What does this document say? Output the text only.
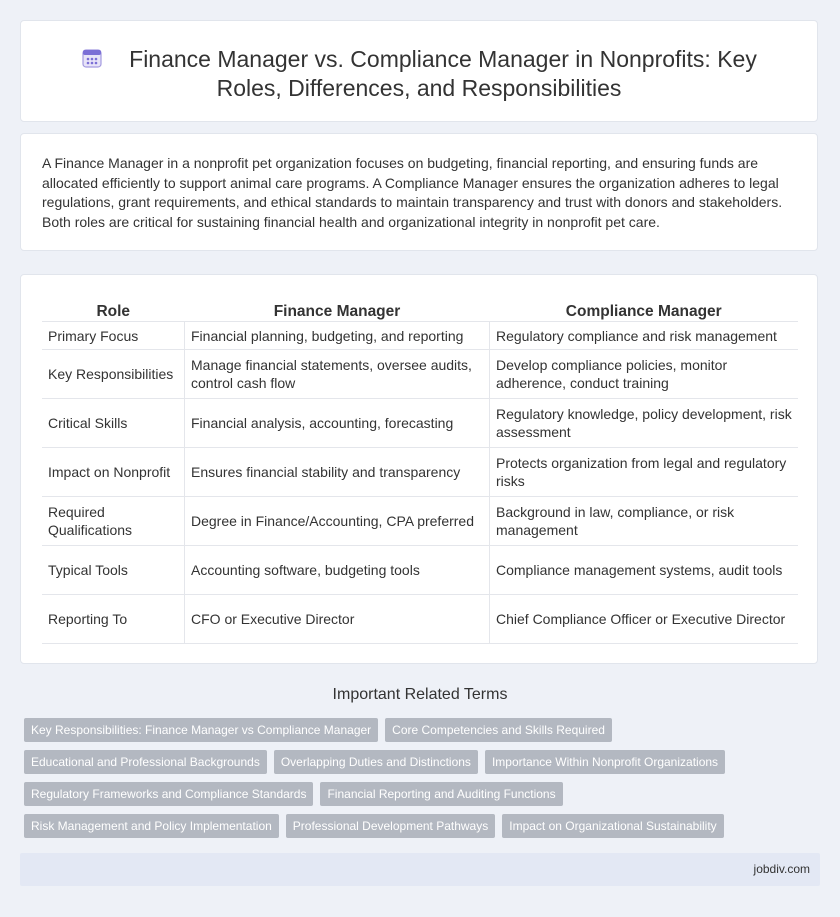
Finance Manager vs. Compliance Manager in Nonprofits: Key
Roles, Differences, and Responsibilities
A Finance Manager in a nonprofit pet organization focuses on budgeting, financial reporting, and ensuring funds are allocated efficiently to support animal care programs. A Compliance Manager ensures the organization adheres to legal regulations, grant requirements, and ethical standards to maintain transparency and trust with donors and stakeholders. Both roles are critical for sustaining financial health and organizational integrity in nonprofit pet care.
Role	Finance Manager	Compliance Manager
Primary Focus	Financial planning, budgeting, and reporting	Regulatory compliance and risk management
Key Responsibilities	Manage financial statements, oversee audits, control cash flow	Develop compliance policies, monitor adherence, conduct training
Critical Skills	Financial analysis, accounting, forecasting	Regulatory knowledge, policy development, risk assessment
Impact on Nonprofit	Ensures financial stability and transparency	Protects organization from legal and regulatory risks
Required Qualifications	Degree in Finance/Accounting, CPA preferred	Background in law, compliance, or risk management
Typical Tools	Accounting software, budgeting tools	Compliance management systems, audit tools
Reporting To	CFO or Executive Director	Chief Compliance Officer or Executive Director
Important Related Terms
Key Responsibilities: Finance Manager vs Compliance Manager Core Competencies and Skills Required
Educational and Professional Backgrounds Overlapping Duties and Distinctions Importance Within Nonprofit Organizations
Regulatory Frameworks and Compliance Standards Financial Reporting and Auditing Functions
Risk Management and Policy Implementation Professional Development Pathways Impact on Organizational Sustainability
jobdiv.com
